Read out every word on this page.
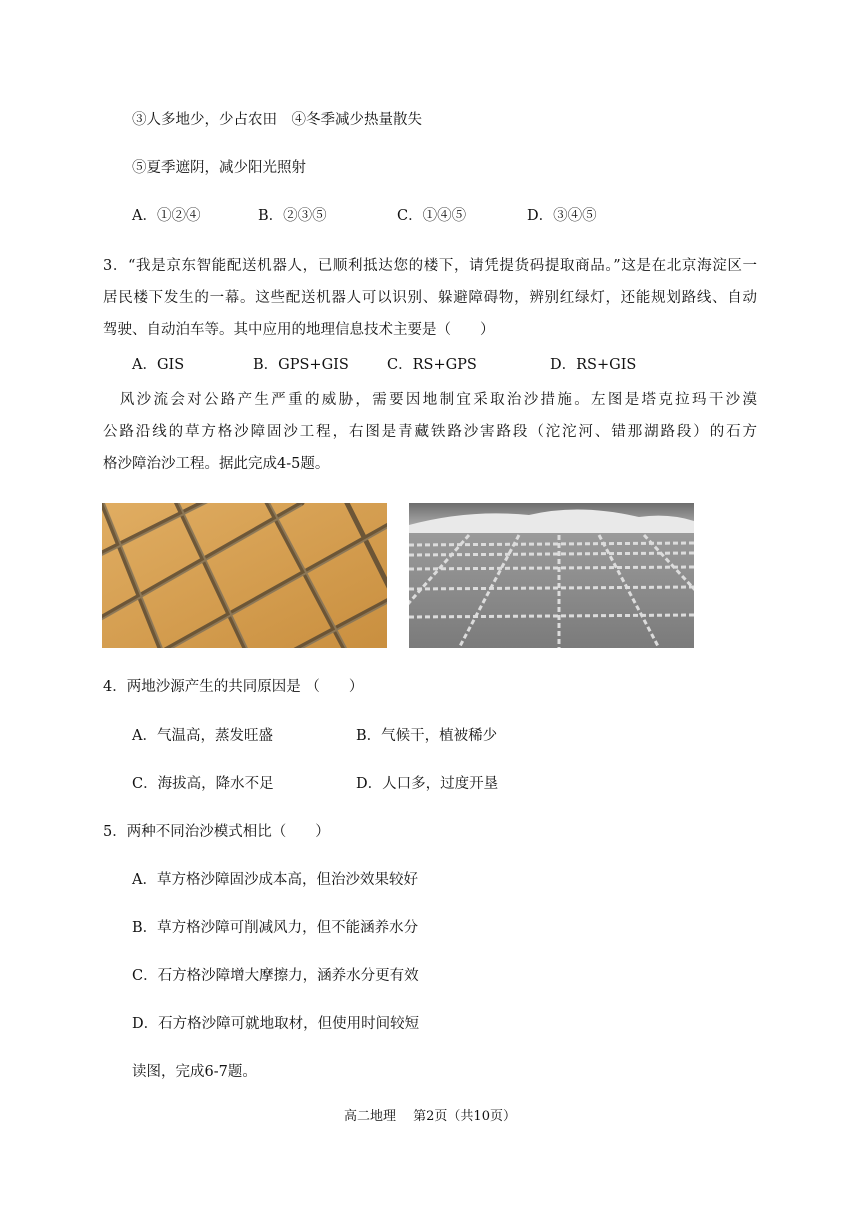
③人多地少，少占农田　④冬季减少热量散失
⑤夏季遮阴，减少阳光照射
A．①②④	B．②③⑤	C．①④⑤	D．③④⑤
3．“我是京东智能配送机器人，已顺利抵达您的楼下，请凭提货码提取商品。”这是在北京海淀区一
居民楼下发生的一幕。这些配送机器人可以识别、躲避障碍物，辨别红绿灯，还能规划路线、自动
驾驶、自动泊车等。其中应用的地理信息技术主要是（　　）
A．GIS	B．GPS+GIS	C．RS+GPS	D．RS+GIS
　风沙流会对公路产生严重的威胁，需要因地制宜采取治沙措施。左图是塔克拉玛干沙漠
公路沿线的草方格沙障固沙工程，右图是青藏铁路沙害路段（沱沱河、错那湖路段）的石方
格沙障治沙工程。据此完成4-5题。
4．两地沙源产生的共同原因是 （　　）
A．气温高，蒸发旺盛	B．气候干，植被稀少
C．海拔高，降水不足	D．人口多，过度开垦
5．两种不同治沙模式相比（　　）
A．草方格沙障固沙成本高，但治沙效果较好
B．草方格沙障可削减风力，但不能涵养水分
C．石方格沙障增大摩擦力，涵养水分更有效
D．石方格沙障可就地取材，但使用时间较短
读图，完成6-7题。
高二地理　 第2页（共10页）
